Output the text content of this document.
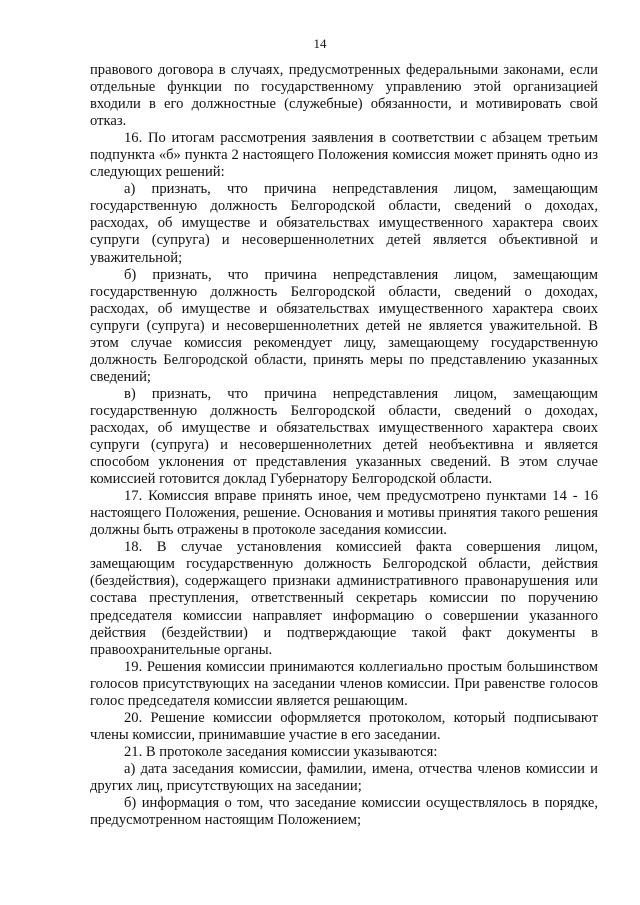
14

правового договора в случаях, предусмотренных федеральными законами, если отдельные функции по государственному управлению этой организацией входили в его должностные (служебные) обязанности, и мотивировать свой отказ.

16. По итогам рассмотрения заявления в соответствии с абзацем третьим подпункта «б» пункта 2 настоящего Положения комиссия может принять одно из следующих решений:

а) признать, что причина непредставления лицом, замещающим государственную должность Белгородской области, сведений о доходах, расходах, об имуществе и обязательствах имущественного характера своих супруги (супруга) и несовершеннолетних детей является объективной и уважительной;

б) признать, что причина непредставления лицом, замещающим государственную должность Белгородской области, сведений о доходах, расходах, об имуществе и обязательствах имущественного характера своих супруги (супруга) и несовершеннолетних детей не является уважительной. В этом случае комиссия рекомендует лицу, замещающему государственную должность Белгородской области, принять меры по представлению указанных сведений;

в) признать, что причина непредставления лицом, замещающим государственную должность Белгородской области, сведений о доходах, расходах, об имуществе и обязательствах имущественного характера своих супруги (супруга) и несовершеннолетних детей необъективна и является способом уклонения от представления указанных сведений. В этом случае комиссией готовится доклад Губернатору Белгородской области.

17. Комиссия вправе принять иное, чем предусмотрено пунктами 14 - 16 настоящего Положения, решение. Основания и мотивы принятия такого решения должны быть отражены в протоколе заседания комиссии.

18. В случае установления комиссией факта совершения лицом, замещающим государственную должность Белгородской области, действия (бездействия), содержащего признаки административного правонарушения или состава преступления, ответственный секретарь комиссии по поручению председателя комиссии направляет информацию о совершении указанного действия (бездействии) и подтверждающие такой факт документы в правоохранительные органы.

19. Решения комиссии принимаются коллегиально простым большинством голосов присутствующих на заседании членов комиссии. При равенстве голосов голос председателя комиссии является решающим.

20. Решение комиссии оформляется протоколом, который подписывают члены комиссии, принимавшие участие в его заседании.

21. В протоколе заседания комиссии указываются:

а) дата заседания комиссии, фамилии, имена, отчества членов комиссии и других лиц, присутствующих на заседании;

б) информация о том, что заседание комиссии осуществлялось в порядке, предусмотренном настоящим Положением;
